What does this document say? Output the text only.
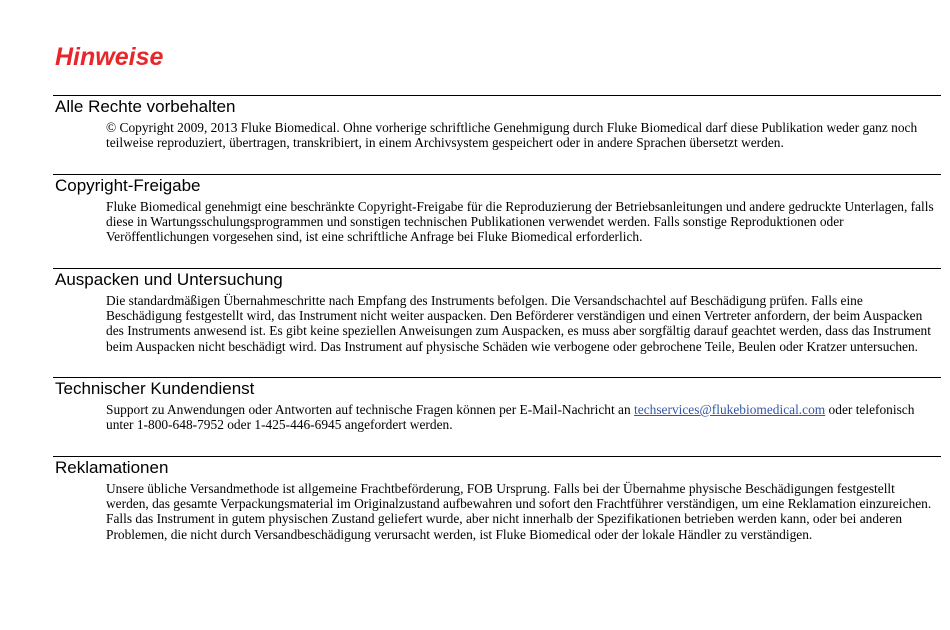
Hinweise
Alle Rechte vorbehalten

© Copyright 2009, 2013 Fluke Biomedical. Ohne vorherige schriftliche Genehmigung durch Fluke Biomedical darf diese Publikation weder ganz noch teilweise reproduziert, übertragen, transkribiert, in einem Archivsystem gespeichert oder in andere Sprachen übersetzt werden.

Copyright-Freigabe

Fluke Biomedical genehmigt eine beschränkte Copyright-Freigabe für die Reproduzierung der Betriebsanleitungen und andere gedruckte Unterlagen, falls diese in Wartungsschulungsprogrammen und sonstigen technischen Publikationen verwendet werden. Falls sonstige Reproduktionen oder Veröffentlichungen vorgesehen sind, ist eine schriftliche Anfrage bei Fluke Biomedical erforderlich.

Auspacken und Untersuchung

Die standardmäßigen Übernahmeschritte nach Empfang des Instruments befolgen. Die Versandschachtel auf Beschädigung prüfen. Falls eine Beschädigung festgestellt wird, das Instrument nicht weiter auspacken. Den Beförderer verständigen und einen Vertreter anfordern, der beim Auspacken des Instruments anwesend ist. Es gibt keine speziellen Anweisungen zum Auspacken, es muss aber sorgfältig darauf geachtet werden, dass das Instrument beim Auspacken nicht beschädigt wird. Das Instrument auf physische Schäden wie verbogene oder gebrochene Teile, Beulen oder Kratzer untersuchen.

Technischer Kundendienst

Support zu Anwendungen oder Antworten auf technische Fragen können per E-Mail-Nachricht an techservices@flukebiomedical.com oder telefonisch unter 1-800-648-7952 oder 1-425-446-6945 angefordert werden.

Reklamationen

Unsere übliche Versandmethode ist allgemeine Frachtbeförderung, FOB Ursprung. Falls bei der Übernahme physische Beschädigungen festgestellt werden, das gesamte Verpackungsmaterial im Originalzustand aufbewahren und sofort den Frachtführer verständigen, um eine Reklamation einzureichen. Falls das Instrument in gutem physischen Zustand geliefert wurde, aber nicht innerhalb der Spezifikationen betrieben werden kann, oder bei anderen Problemen, die nicht durch Versandbeschädigung verursacht werden, ist Fluke Biomedical oder der lokale Händler zu verständigen.
